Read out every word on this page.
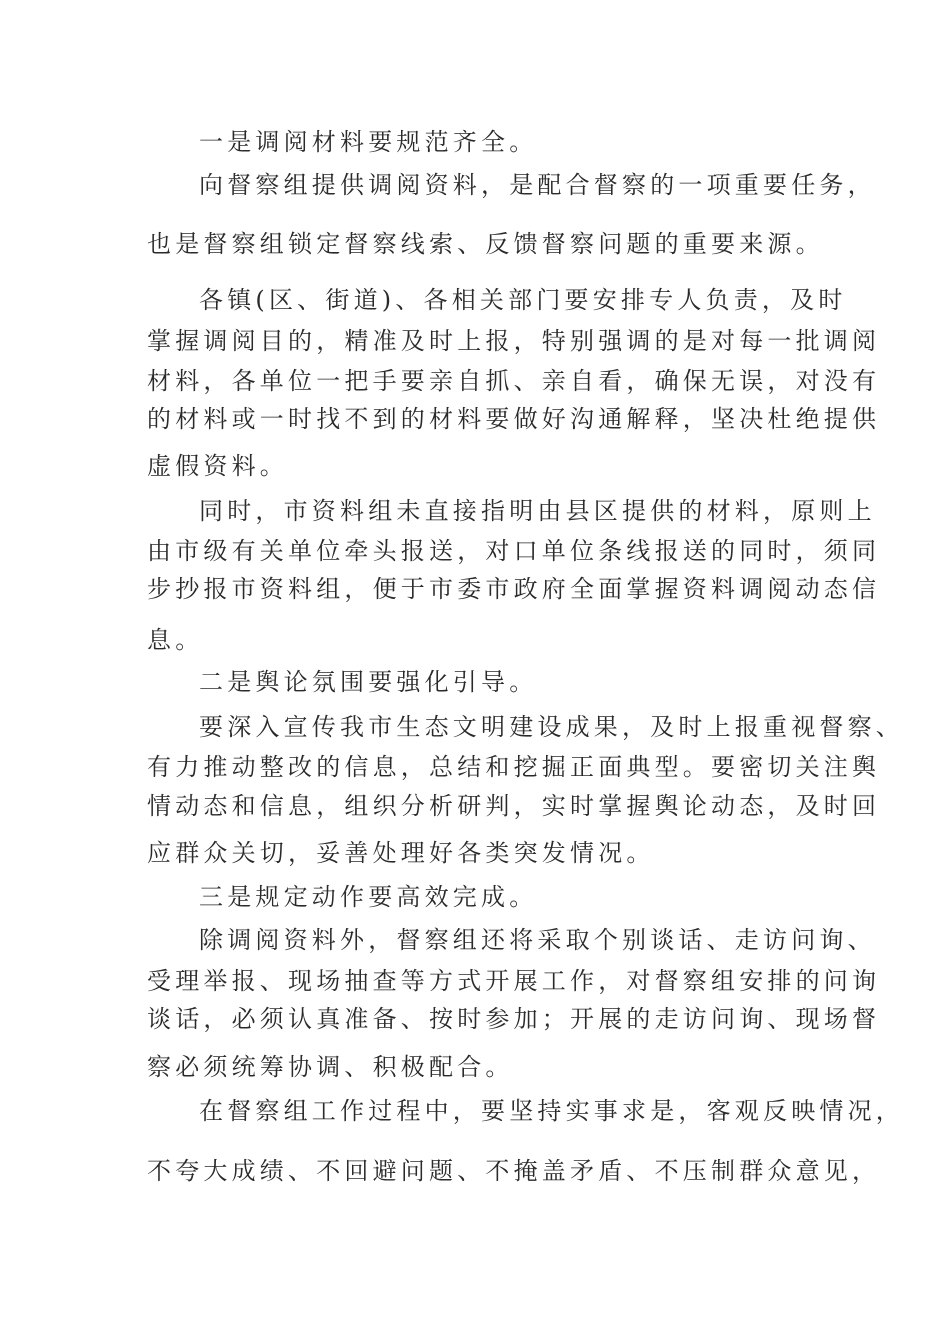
一是调阅材料要规范齐全。
向督察组提供调阅资料，是配合督察的一项重要任务，
也是督察组锁定督察线索、反馈督察问题的重要来源。
各镇(区、街道)、各相关部门要安排专人负责，及时
掌握调阅目的，精准及时上报，特别强调的是对每一批调阅
材料，各单位一把手要亲自抓、亲自看，确保无误，对没有
的材料或一时找不到的材料要做好沟通解释，坚决杜绝提供
虚假资料。
同时，市资料组未直接指明由县区提供的材料，原则上
由市级有关单位牵头报送，对口单位条线报送的同时，须同
步抄报市资料组，便于市委市政府全面掌握资料调阅动态信
息。
二是舆论氛围要强化引导。
要深入宣传我市生态文明建设成果，及时上报重视督察、
有力推动整改的信息，总结和挖掘正面典型。要密切关注舆
情动态和信息，组织分析研判，实时掌握舆论动态，及时回
应群众关切，妥善处理好各类突发情况。
三是规定动作要高效完成。
除调阅资料外，督察组还将采取个别谈话、走访问询、
受理举报、现场抽查等方式开展工作，对督察组安排的问询
谈话，必须认真准备、按时参加；开展的走访问询、现场督
察必须统筹协调、积极配合。
在督察组工作过程中，要坚持实事求是，客观反映情况，
不夸大成绩、不回避问题、不掩盖矛盾、不压制群众意见，
